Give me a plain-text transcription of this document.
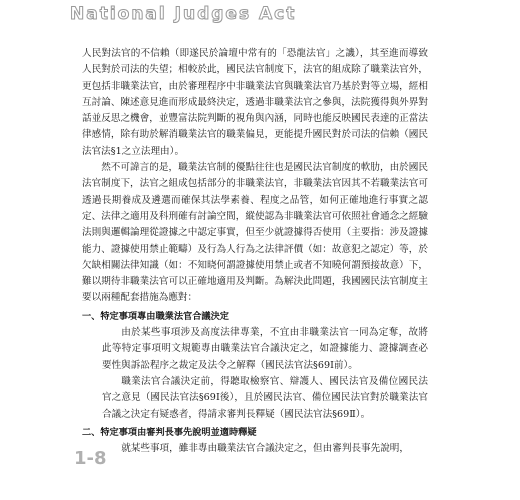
National Judges Act

人民對法官的不信賴（即遂民於論壇中常有的「恐龍法官」之譏），其至進而導致人民對於司法的失望；相較於此，國民法官制度下，法官的組成除了職業法官外，更包括非職業法官，由於審理程序中非職業法官與職業法官乃基於對等立場，經相互討論、陳述意見進而形成最終決定，透過非職業法官之參與，法院獲得與外界對話並反思之機會，並豐富法院判斷的視角與內涵，同時也能反映國民表達的正當法律感情，除有助於解消職業法官的職業偏見，更能提升國民對於司法的信賴（國民法官法§1之立法理由）。

然不可諱言的是，職業法官制的優點往往也是國民法官制度的軟肋，由於國民法官制度下，法官之組成包括部分的非職業法官，非職業法官因其不若職業法官可透過長期養成及遴選而確保其法學素養、程度之品管，如何正確地進行事實之認定、法律之適用及科刑確有討論空間，縱使認為非職業法官可依照社會通念之經驗法則與邏輯論理從證據之中認定事實，但至少就證據得否使用（主要指：涉及證據能力、證據使用禁止範疇）及行為人行為之法律評價（如：故意犯之認定）等，於欠缺相關法律知識（如：不知晓何謂證據使用禁止或者不知曉何謂預接故意）下，難以期待非職業法官可以正確地適用及判斷。為解決此問題，我國國民法官制度主要以兩種配套措施為應對：

一、特定事項專由職業法官合議決定

由於某些事項涉及高度法律專業，不宜由非職業法官一同為定奪，故將此等特定事項明文規範專由職業法官合議決定之，如證據能力、證據調查必要性與訴訟程序之裁定及法令之解釋（國民法官法§69Ⅰ前）。

職業法官合議決定前，得聽取檢察官、辯護人、國民法官及備位國民法官之意見（國民法官法§69Ⅰ後），且於國民法官、備位國民法官對於職業法官合議之決定有疑惑者，得請求審判長釋疑（國民法官法§69Ⅱ）。

二、特定事項由審判長事先說明並適時釋疑

就某些事項，雖非專由職業法官合議決定之，但由審判長事先說明，

1-8
